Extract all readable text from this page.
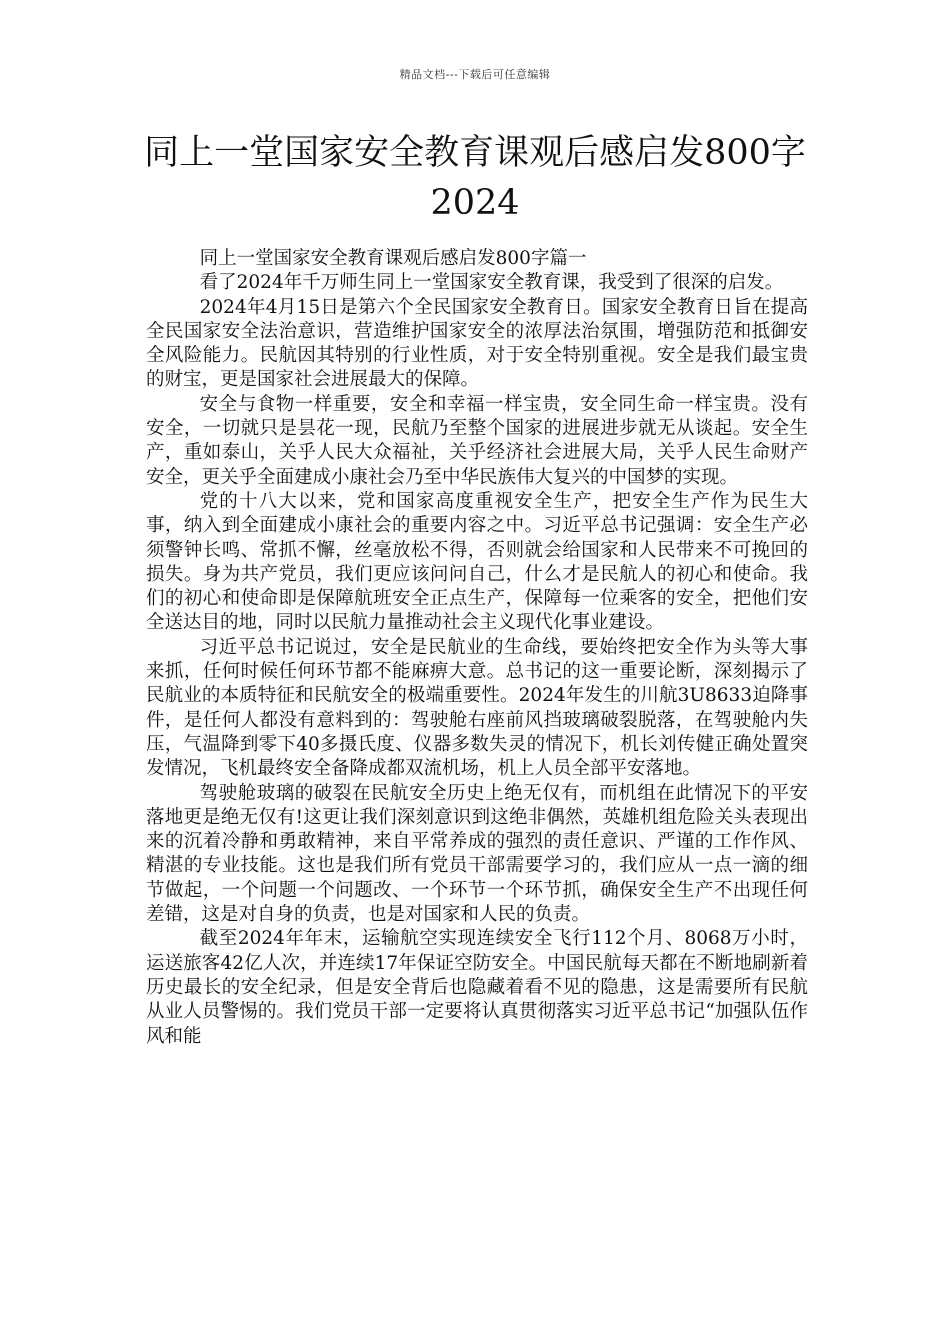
精品文档---下载后可任意编辑
同上一堂国家安全教育课观后感启发800字2024

同上一堂国家安全教育课观后感启发800字篇一

看了2024年千万师生同上一堂国家安全教育课，我受到了很深的启发。

2024年4月15日是第六个全民国家安全教育日。国家安全教育日旨在提高全民国家安全法治意识，营造维护国家安全的浓厚法治氛围，增强防范和抵御安全风险能力。民航因其特别的行业性质，对于安全特别重视。安全是我们最宝贵的财宝，更是国家社会进展最大的保障。

安全与食物一样重要，安全和幸福一样宝贵，安全同生命一样宝贵。没有安全，一切就只是昙花一现，民航乃至整个国家的进展进步就无从谈起。安全生产，重如泰山，关乎人民大众福祉，关乎经济社会进展大局，关乎人民生命财产安全，更关乎全面建成小康社会乃至中华民族伟大复兴的中国梦的实现。

党的十八大以来，党和国家高度重视安全生产，把安全生产作为民生大事，纳入到全面建成小康社会的重要内容之中。习近平总书记强调：安全生产必须警钟长鸣、常抓不懈，丝毫放松不得，否则就会给国家和人民带来不可挽回的损失。身为共产党员，我们更应该问问自己，什么才是民航人的初心和使命。我们的初心和使命即是保障航班安全正点生产，保障每一位乘客的安全，把他们安全送达目的地，同时以民航力量推动社会主义现代化事业建设。

习近平总书记说过，安全是民航业的生命线，要始终把安全作为头等大事来抓，任何时候任何环节都不能麻痹大意。总书记的这一重要论断，深刻揭示了民航业的本质特征和民航安全的极端重要性。2024年发生的川航3U8633迫降事件，是任何人都没有意料到的：驾驶舱右座前风挡玻璃破裂脱落，在驾驶舱内失压，气温降到零下40多摄氏度、仪器多数失灵的情况下，机长刘传健正确处置突发情况，飞机最终安全备降成都双流机场，机上人员全部平安落地。

驾驶舱玻璃的破裂在民航安全历史上绝无仅有，而机组在此情况下的平安落地更是绝无仅有!这更让我们深刻意识到这绝非偶然，英雄机组危险关头表现出来的沉着冷静和勇敢精神，来自平常养成的强烈的责任意识、严谨的工作作风、精湛的专业技能。这也是我们所有党员干部需要学习的，我们应从一点一滴的细节做起，一个问题一个问题改、一个环节一个环节抓，确保安全生产不出现任何差错，这是对自身的负责，也是对国家和人民的负责。

截至2024年年末，运输航空实现连续安全飞行112个月、8068万小时，运送旅客42亿人次，并连续17年保证空防安全。中国民航每天都在不断地刷新着历史最长的安全纪录，但是安全背后也隐藏着看不见的隐患，这是需要所有民航从业人员警惕的。我们党员干部一定要将认真贯彻落实习近平总书记“加强队伍作风和能
